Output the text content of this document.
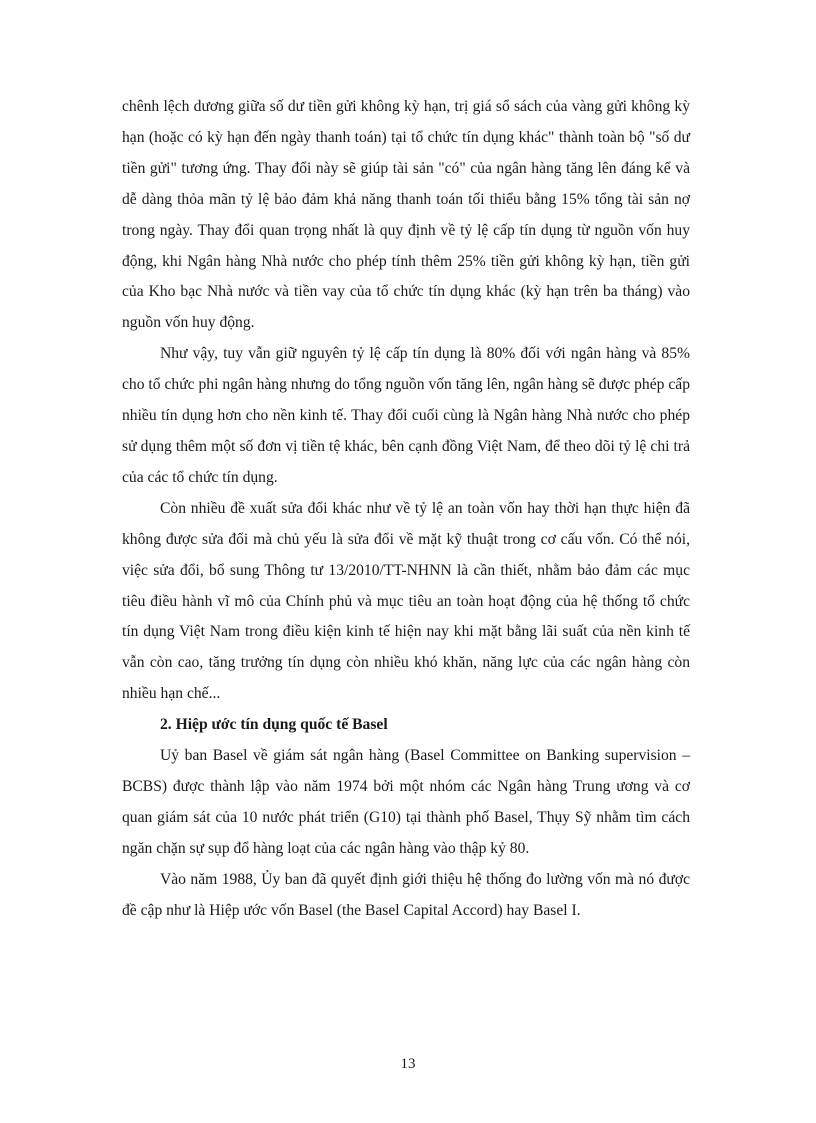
chênh lệch dương giữa số dư tiền gửi không kỳ hạn, trị giá sổ sách của vàng gửi không kỳ hạn (hoặc có kỳ hạn đến ngày thanh toán) tại tổ chức tín dụng khác" thành toàn bộ "số dư tiền gửi" tương ứng. Thay đổi này sẽ giúp tài sản "có" của ngân hàng tăng lên đáng kể và dễ dàng thỏa mãn tỷ lệ bảo đảm khả năng thanh toán tối thiểu bằng 15% tổng tài sản nợ trong ngày. Thay đổi quan trọng nhất là quy định về tỷ lệ cấp tín dụng từ nguồn vốn huy động, khi Ngân hàng Nhà nước cho phép tính thêm 25% tiền gửi không kỳ hạn, tiền gửi của Kho bạc Nhà nước và tiền vay của tổ chức tín dụng khác (kỳ hạn trên ba tháng) vào nguồn vốn huy động.

Như vậy, tuy vẫn giữ nguyên tỷ lệ cấp tín dụng là 80% đối với ngân hàng và 85% cho tổ chức phi ngân hàng nhưng do tổng nguồn vốn tăng lên, ngân hàng sẽ được phép cấp nhiều tín dụng hơn cho nền kinh tế. Thay đổi cuối cùng là Ngân hàng Nhà nước cho phép sử dụng thêm một số đơn vị tiền tệ khác, bên cạnh đồng Việt Nam, để theo dõi tỷ lệ chi trả của các tổ chức tín dụng.

Còn nhiều đề xuất sửa đổi khác như về tỷ lệ an toàn vốn hay thời hạn thực hiện đã không được sửa đổi mà chủ yếu là sửa đổi về mặt kỹ thuật trong cơ cấu vốn. Có thể nói, việc sửa đổi, bổ sung Thông tư 13/2010/TT-NHNN là cần thiết, nhằm bảo đảm các mục tiêu điều hành vĩ mô của Chính phủ và mục tiêu an toàn hoạt động của hệ thống tổ chức tín dụng Việt Nam trong điều kiện kinh tế hiện nay khi mặt bằng lãi suất của nền kinh tế vẫn còn cao, tăng trưởng tín dụng còn nhiều khó khăn, năng lực của các ngân hàng còn nhiều hạn chế...

2. Hiệp ước tín dụng quốc tế Basel

Uỷ ban Basel về giám sát ngân hàng (Basel Committee on Banking supervision – BCBS) được thành lập vào năm 1974 bởi một nhóm các Ngân hàng Trung ương và cơ quan giám sát của 10 nước phát triển (G10) tại thành phố Basel, Thụy Sỹ nhằm tìm cách ngăn chặn sự sụp đổ hàng loạt của các ngân hàng vào thập kỷ 80.

Vào năm 1988, Ủy ban đã quyết định giới thiệu hệ thống đo lường vốn mà nó được đề cập như là Hiệp ước vốn Basel (the Basel Capital Accord) hay Basel I.

13
